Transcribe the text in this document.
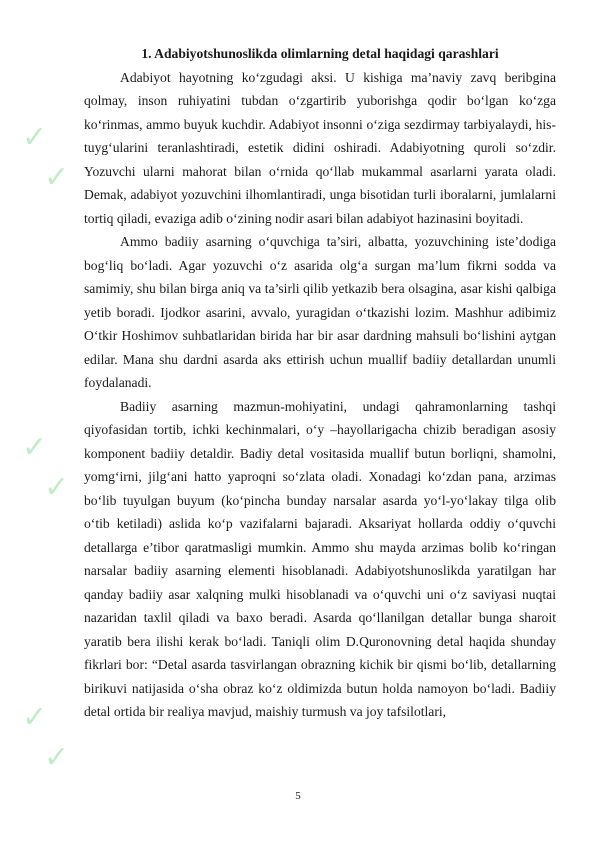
✓
✓
✓
✓
✓
✓
1. Adabiyotshunoslikda olimlarning detal haqidagi qarashlari

Adabiyot hayotning ko‘zgudagi aksi. U kishiga ma’naviy zavq beribgina qolmay, inson ruhiyatini tubdan o‘zgartirib yuborishga qodir bo‘lgan ko‘zga ko‘rinmas, ammo buyuk kuchdir. Adabiyot insonni o‘ziga sezdirmay tarbiyalaydi, his-tuyg‘ularini teranlashtiradi, estetik didini oshiradi. Adabiyotning quroli so‘zdir. Yozuvchi ularni mahorat bilan o‘rnida qo‘llab mukammal asarlarni yarata oladi. Demak, adabiyot yozuvchini ilhomlantiradi, unga bisotidan turli iboralarni, jumlalarni tortiq qiladi, evaziga adib o‘zining nodir asari bilan adabiyot hazinasini boyitadi.

Ammo badiiy asarning o‘quvchiga ta’siri, albatta, yozuvchining iste’dodiga bog‘liq bo‘ladi. Agar yozuvchi o‘z asarida olg‘a surgan ma’lum fikrni sodda va samimiy, shu bilan birga aniq va ta’sirli qilib yetkazib bera olsagina, asar kishi qalbiga yetib boradi. Ijodkor asarini, avvalo, yuragidan o‘tkazishi lozim. Mashhur adibimiz O‘tkir Hoshimov suhbatlaridan birida har bir asar dardning mahsuli bo‘lishini aytgan edilar. Mana shu dardni asarda aks ettirish uchun muallif badiiy detallardan unumli foydalanadi.

Badiiy asarning mazmun-mohiyatini, undagi qahramonlarning tashqi qiyofasidan tortib, ichki kechinmalari, o‘y –hayollarigacha chizib beradigan asosiy komponent badiiy detaldir. Badiy detal vositasida muallif butun borliqni, shamolni, yomg‘irni, jilg‘ani hatto yaproqni so‘zlata oladi. Xonadagi ko‘zdan pana, arzimas bo‘lib tuyulgan buyum (ko‘pincha bunday narsalar asarda yo‘l-yo‘lakay tilga olib o‘tib ketiladi) aslida ko‘p vazifalarni bajaradi. Aksariyat hollarda oddiy o‘quvchi detallarga e’tibor qaratmasligi mumkin. Ammo shu mayda arzimas bolib ko‘ringan narsalar badiiy asarning elementi hisoblanadi. Adabiyotshunoslikda yaratilgan har qanday badiiy asar xalqning mulki hisoblanadi va o‘quvchi uni o‘z saviyasi nuqtai nazaridan taxlil qiladi va baxo beradi. Asarda qo‘llanilgan detallar bunga sharoit yaratib bera ilishi kerak bo‘ladi. Taniqli olim D.Quronovning detal haqida shunday fikrlari bor: “Detal asarda tasvirlangan obrazning kichik bir qismi bo‘lib, detallarning birikuvi natijasida o‘sha obraz ko‘z oldimizda butun holda namoyon bo‘ladi. Badiiy detal ortida bir realiya mavjud, maishiy turmush va joy tafsilotlari,

5
